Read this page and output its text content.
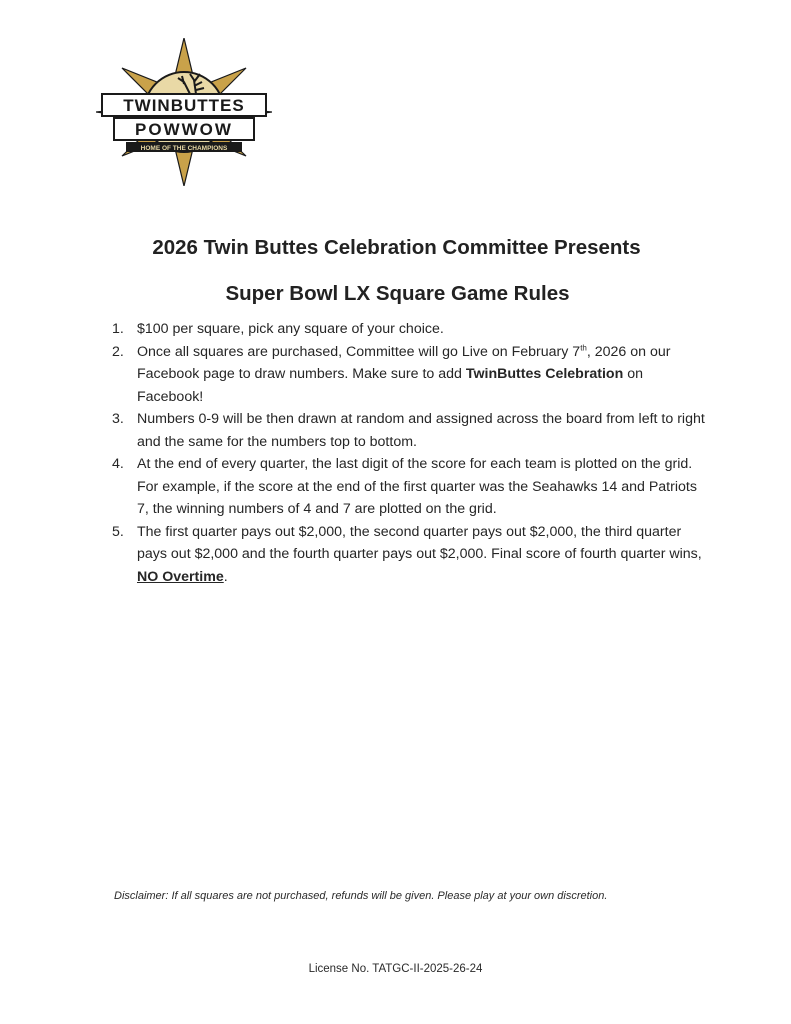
TWINBUTTES
POWWOW
HOME OF THE CHAMPIONS
2026 Twin Buttes Celebration Committee Presents
Super Bowl LX Square Game Rules
1. $100 per square, pick any square of your choice.
2. Once all squares are purchased, Committee will go Live on February 7th, 2026 on our Facebook page to draw numbers. Make sure to add TwinButtes Celebration on Facebook!
3. Numbers 0-9 will be then drawn at random and assigned across the board from left to right and the same for the numbers top to bottom.
4. At the end of every quarter, the last digit of the score for each team is plotted on the grid. For example, if the score at the end of the first quarter was the Seahawks 14 and Patriots 7, the winning numbers of 4 and 7 are plotted on the grid.
5. The first quarter pays out $2,000, the second quarter pays out $2,000, the third quarter pays out $2,000 and the fourth quarter pays out $2,000. Final score of fourth quarter wins, NO Overtime.

Disclaimer: If all squares are not purchased, refunds will be given. Please play at your own discretion.

License No. TATGC-II-2025-26-24
